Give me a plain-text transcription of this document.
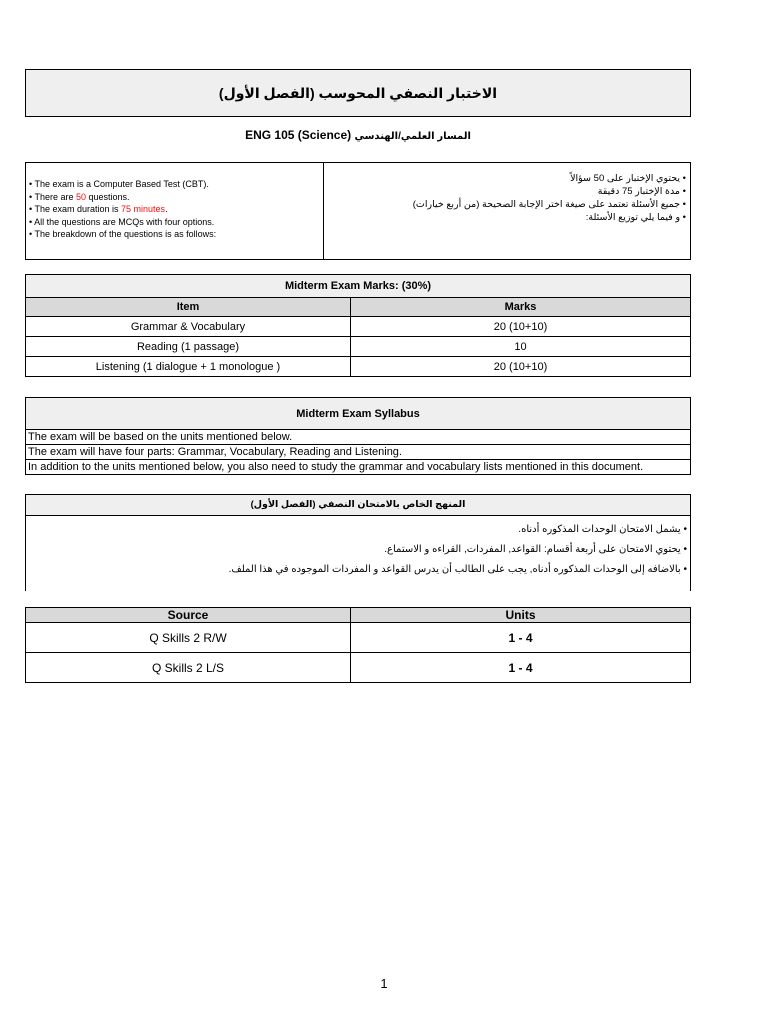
الاختبار النصفي المحوسب (الفصل الأول)
ENG 105 (Science) المسار العلمي/الهندسي
• The exam is a Computer Based Test (CBT).
• There are 50 questions.
• The exam duration is 75 minutes.
• All the questions are MCQs with four options.
• The breakdown of the questions is as follows:
• يحتوي الإختبار على 50 سؤالاً
• مدة الإختبار 75 دقيقة
• جميع الأسئلة تعتمد على صيغة اختر الإجابة الصحيحة (من أربع خيارات)
• و فيما يلي توزيع الأسئلة:
Midterm Exam Marks: (30%)	
Item	Marks
Grammar & Vocabulary	20 (10+10)
Reading (1 passage)	10
Listening (1 dialogue + 1 monologue )	20 (10+10)
Midterm Exam Syllabus
The exam will be based on the units mentioned below.
The exam will have four parts: Grammar, Vocabulary, Reading and Listening.
In addition to the units mentioned below, you also need to study the grammar and vocabulary lists mentioned in this document.
المنهج الخاص بالامتحان النصفي (الفصل الأول)
• يشمل الامتحان الوحدات المذكوره أدناه.
• يحتوي الامتحان على أربعة أقسام: القواعد, المفردات, القراءه و الاستماع.
• بالاضافه إلى الوحدات المذكوره أدناه, يجب على الطالب أن يدرس القواعد و المفردات الموجوده في هذا الملف.
Source	Units
Q Skills 2 R/W	1 - 4
Q Skills 2 L/S	1 - 4
1
